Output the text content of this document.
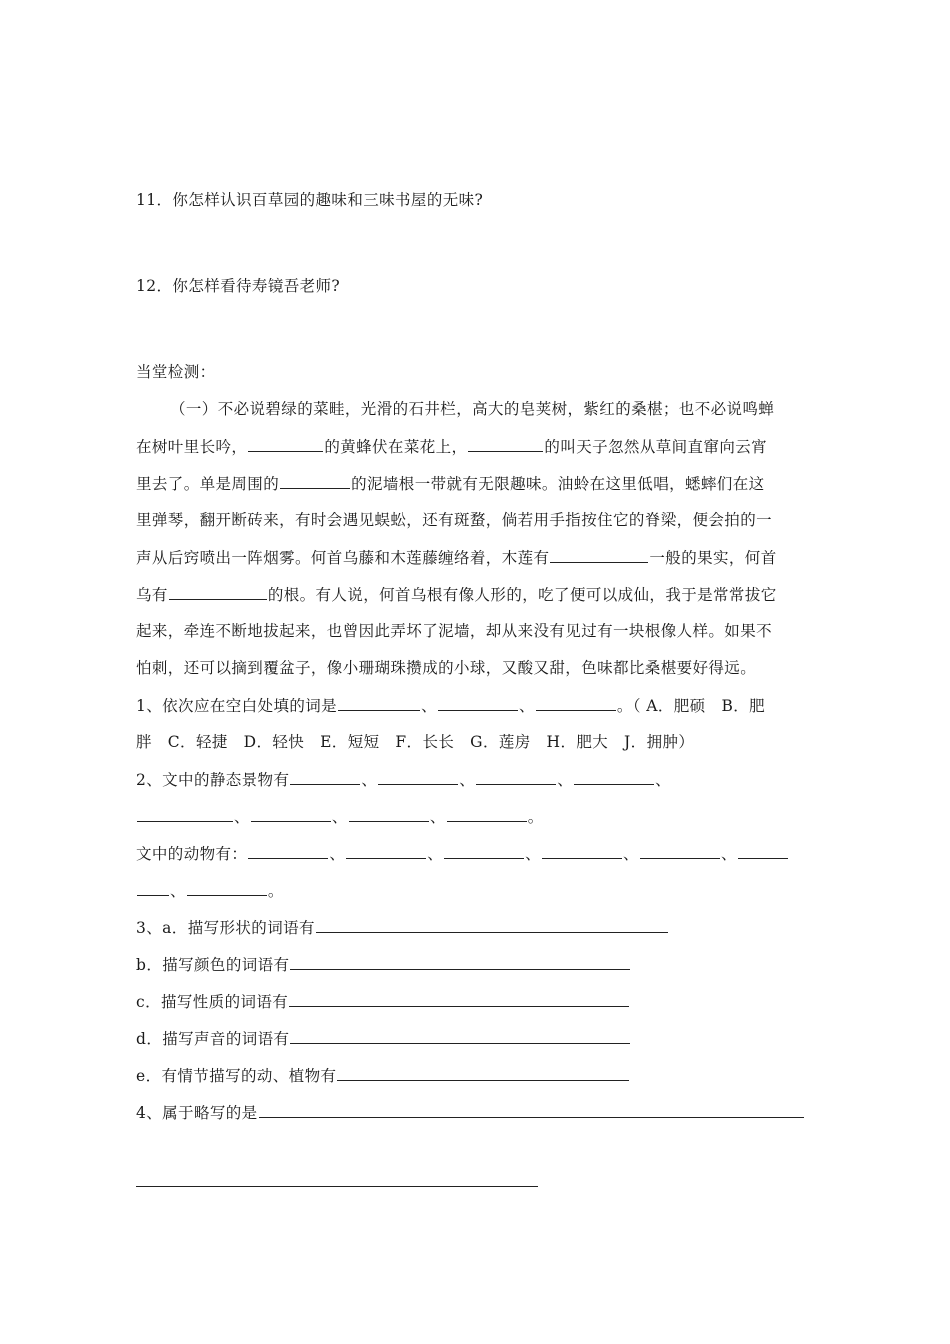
11．你怎样认识百草园的趣味和三味书屋的无味?
12．你怎样看待寿镜吾老师?
当堂检测：
（一）不必说碧绿的菜畦，光滑的石井栏，高大的皂荚树，紫红的桑椹；也不必说鸣蝉
在树叶里长吟，	的黄蜂伏在菜花上，	的叫天子忽然从草间直窜向云宵
里去了。单是周围的	的泥墙根一带就有无限趣味。油蛉在这里低唱，蟋蟀们在这
里弹琴，翻开断砖来，有时会遇见蜈蚣，还有斑蝥，倘若用手指按住它的脊梁，便会拍的一
声从后窍喷出一阵烟雾。何首乌藤和木莲藤缠络着，木莲有	一般的果实，何首
乌有	的根。有人说，何首乌根有像人形的，吃了便可以成仙，我于是常常拔它
起来，牵连不断地拔起来，也曾因此弄坏了泥墙，却从来没有见过有一块根像人样。如果不
怕刺，还可以摘到覆盆子，像小珊瑚珠攒成的小球，又酸又甜，色味都比桑椹要好得远。
1、依次应在空白处填的词是	、	、	。（ A．肥硕　B．肥
胖　C．轻捷　D．轻快　E．短短　F．长长　G．莲房　H．肥大　J．拥肿）
2、文中的静态景物有	、	、	、	、
、	、	、	。
文中的动物有：	、	、	、	、	、
、	。
3、a．描写形状的词语有
b．描写颜色的词语有
c．描写性质的词语有
d．描写声音的词语有
e．有情节描写的动、植物有
4、属于略写的是
